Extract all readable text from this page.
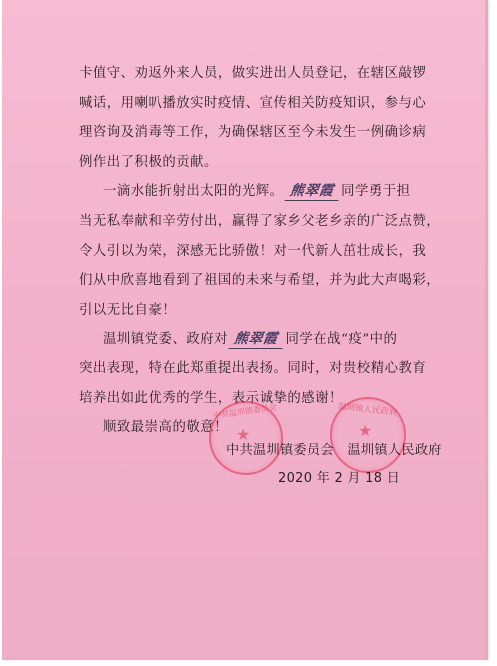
卡值守、劝返外来人员，做实进出人员登记，在辖区敲锣
喊话，用喇叭播放实时疫情、宣传相关防疫知识，参与心
理咨询及消毒等工作，为确保辖区至今未发生一例确诊病
例作出了积极的贡献。
一滴水能折射出太阳的光辉。 熊翠霞 同学勇于担
当无私奉献和辛劳付出，赢得了家乡父老乡亲的广泛点赞，
令人引以为荣，深感无比骄傲！对一代新人茁壮成长，我
们从中欣喜地看到了祖国的未来与希望，并为此大声喝彩，
引以无比自豪！
温圳镇党委、政府对 熊翠霞 同学在战“疫”中的
突出表现，特在此郑重提出表扬。同时，对贵校精心教育
培养出如此优秀的学生，表示诚挚的感谢！
顺致最崇高的敬意！ ★
中共温圳镇委员会
★
温圳镇人民政府
中共温圳镇委员会　温圳镇人民政府
2020 年 2 月 18 日
